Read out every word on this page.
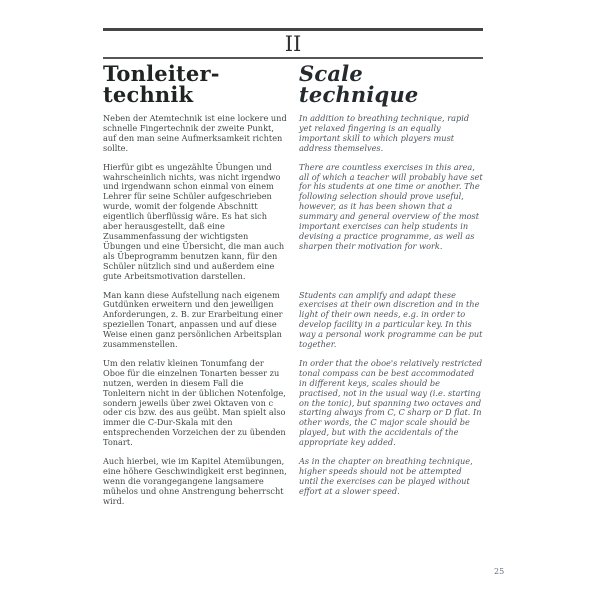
II
Tonleiter-
technik
Scale
technique

Neben der Atemtechnik ist eine lockere und schnelle Fingertechnik der zweite Punkt, auf den man seine Aufmerksamkeit richten sollte.

In addition to breathing technique, rapid yet relaxed fingering is an equally important skill to which players must address themselves.

Hierfür gibt es ungezählte Übungen und wahrscheinlich nichts, was nicht irgendwo und irgendwann schon einmal von einem Lehrer für seine Schüler aufgeschrieben wurde, womit der folgende Abschnitt eigentlich überflüssig wäre. Es hat sich aber herausgestellt, daß eine Zusammenfassung der wichtigsten Übungen und eine Übersicht, die man auch als Übeprogramm benutzen kann, für den Schüler nützlich sind und außerdem eine gute Arbeitsmotivation darstellen.

There are countless exercises in this area, all of which a teacher will probably have set for his students at one time or another. The following selection should prove useful, however, as it has been shown that a summary and general overview of the most important exercises can help students in devising a practice programme, as well as sharpen their motivation for work.

Man kann diese Aufstellung nach eigenem Gutdünken erweitern und den jeweiligen Anforderungen, z. B. zur Erarbeitung einer speziellen Tonart, anpassen und auf diese Weise einen ganz persönlichen Arbeitsplan zusammenstellen.

Students can amplify and adapt these exercises at their own discretion and in the light of their own needs, e.g. in order to develop facility in a particular key. In this way a personal work programme can be put together.

Um den relativ kleinen Tonumfang der Oboe für die einzelnen Tonarten besser zu nutzen, werden in diesem Fall die Tonleitern nicht in der üblichen Notenfolge, sondern jeweils über zwei Oktaven von c oder cis bzw. des aus geübt. Man spielt also immer die C-Dur-Skala mit den entsprechenden Vorzeichen der zu übenden Tonart.

In order that the oboe's relatively restricted tonal compass can be best accommodated in different keys, scales should be practised, not in the usual way (i.e. starting on the tonic), but spanning two octaves and starting always from C, C sharp or D flat. In other words, the C major scale should be played, but with the accidentals of the appropriate key added.

Auch hierbei, wie im Kapitel Atemübungen, eine höhere Geschwindigkeit erst beginnen, wenn die vorangegangene langsamere mühelos und ohne Anstrengung beherrscht wird.

As in the chapter on breathing technique, higher speeds should not be attempted until the exercises can be played without effort at a slower speed.

25
